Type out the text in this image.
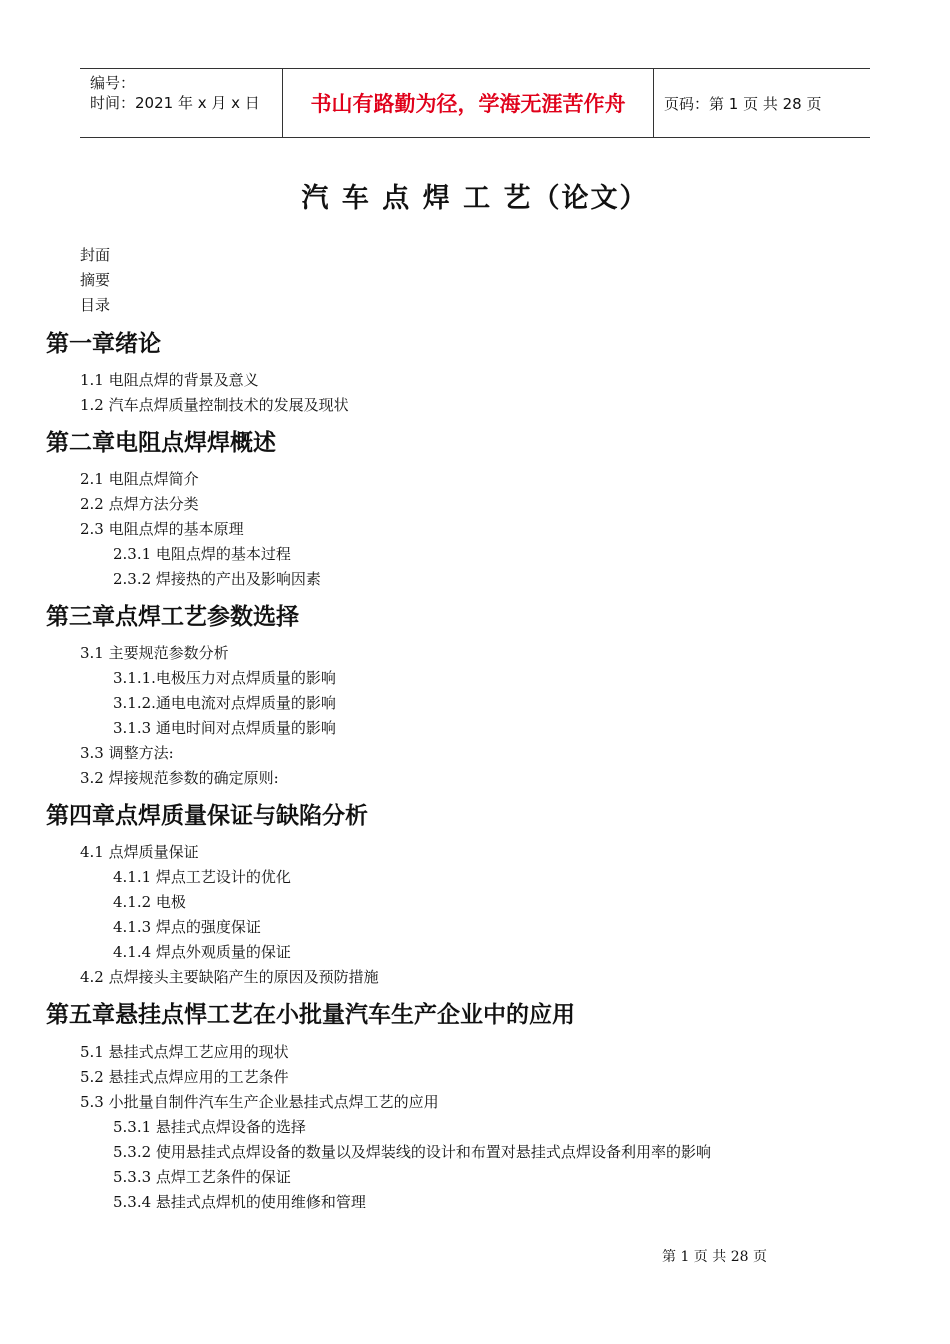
编号：
时间：2021 年 x 月 x 日	书山有路勤为径，学海无涯苦作舟	页码：第 1 页 共 28 页
汽 车 点 焊 工 艺（论文）
封面
摘要
目录
第一章绪论
1.1 电阻点焊的背景及意义
1.2 汽车点焊质量控制技术的发展及现状
第二章电阻点焊焊概述
2.1 电阻点焊简介
2.2 点焊方法分类
2.3 电阻点焊的基本原理
2.3.1 电阻点焊的基本过程
2.3.2 焊接热的产出及影响因素
第三章点焊工艺参数选择
3.1 主要规范参数分析
3.1.1.电极压力对点焊质量的影响
3.1.2.通电电流对点焊质量的影响
3.1.3 通电时间对点焊质量的影响
3.3 调整方法:
3.2 焊接规范参数的确定原则:
第四章点焊质量保证与缺陷分析
4.1 点焊质量保证
4.1.1 焊点工艺设计的优化
4.1.2 电极
4.1.3 焊点的强度保证
4.1.4 焊点外观质量的保证
4.2 点焊接头主要缺陷产生的原因及预防措施
第五章悬挂点悍工艺在小批量汽车生产企业中的应用
5.1 悬挂式点焊工艺应用的现状
5.2 悬挂式点焊应用的工艺条件
5.3 小批量自制件汽车生产企业悬挂式点焊工艺的应用
5.3.1 悬挂式点焊设备的选择
5.3.2 使用悬挂式点焊设备的数量以及焊装线的设计和布置对悬挂式点焊设备利用率的影响
5.3.3 点焊工艺条件的保证
5.3.4 悬挂式点焊机的使用维修和管理
第 1 页 共 28 页
